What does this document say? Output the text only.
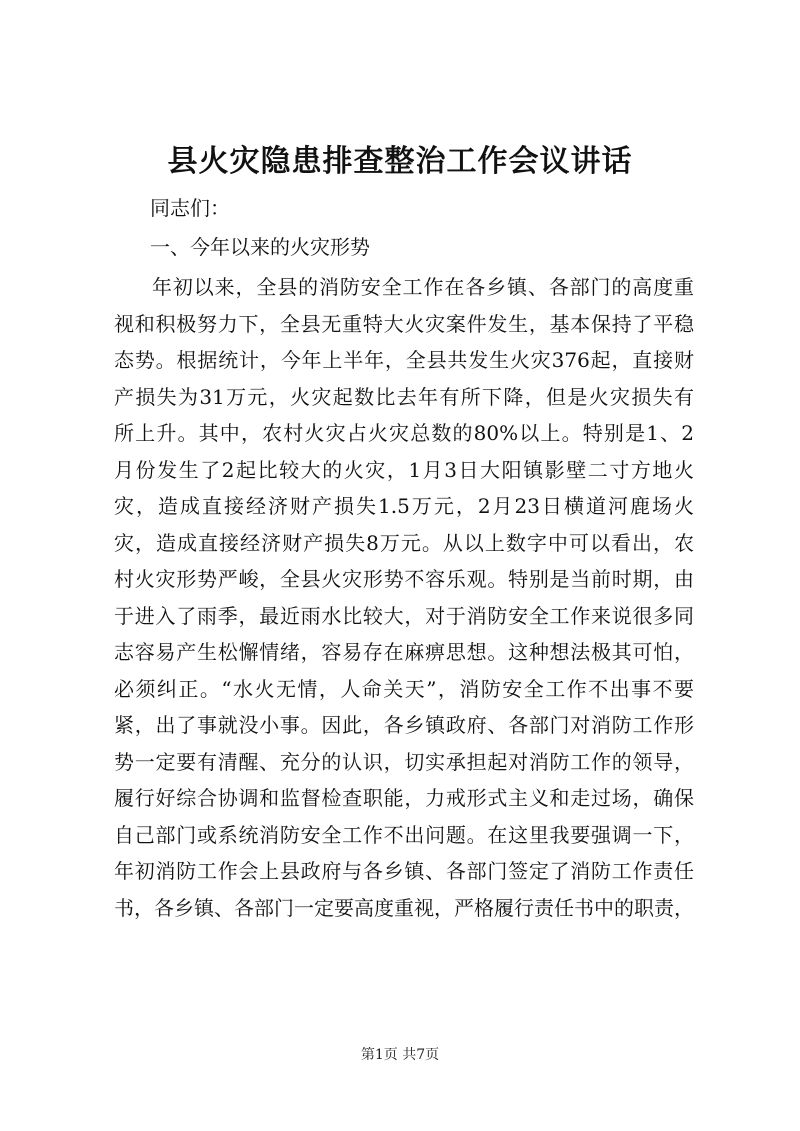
县火灾隐患排查整治工作会议讲话
同志们：
一、今年以来的火灾形势
年初以来，全县的消防安全工作在各乡镇、各部门的高度重
视和积极努力下，全县无重特大火灾案件发生，基本保持了平稳
态势。根据统计，今年上半年，全县共发生火灾376起，直接财
产损失为31万元，火灾起数比去年有所下降，但是火灾损失有
所上升。其中，农村火灾占火灾总数的80%以上。特别是1、2
月份发生了2起比较大的火灾，1月3日大阳镇影壁二寸方地火
灾，造成直接经济财产损失1.5万元，2月23日横道河鹿场火
灾，造成直接经济财产损失8万元。从以上数字中可以看出，农
村火灾形势严峻，全县火灾形势不容乐观。特别是当前时期，由
于进入了雨季，最近雨水比较大，对于消防安全工作来说很多同
志容易产生松懈情绪，容易存在麻痹思想。这种想法极其可怕，
必须纠正。“水火无情，人命关天”，消防安全工作不出事不要
紧，出了事就没小事。因此，各乡镇政府、各部门对消防工作形
势一定要有清醒、充分的认识，切实承担起对消防工作的领导，
履行好综合协调和监督检查职能，力戒形式主义和走过场，确保
自己部门或系统消防安全工作不出问题。在这里我要强调一下，
年初消防工作会上县政府与各乡镇、各部门签定了消防工作责任
书，各乡镇、各部门一定要高度重视，严格履行责任书中的职责，
第1页 共7页
